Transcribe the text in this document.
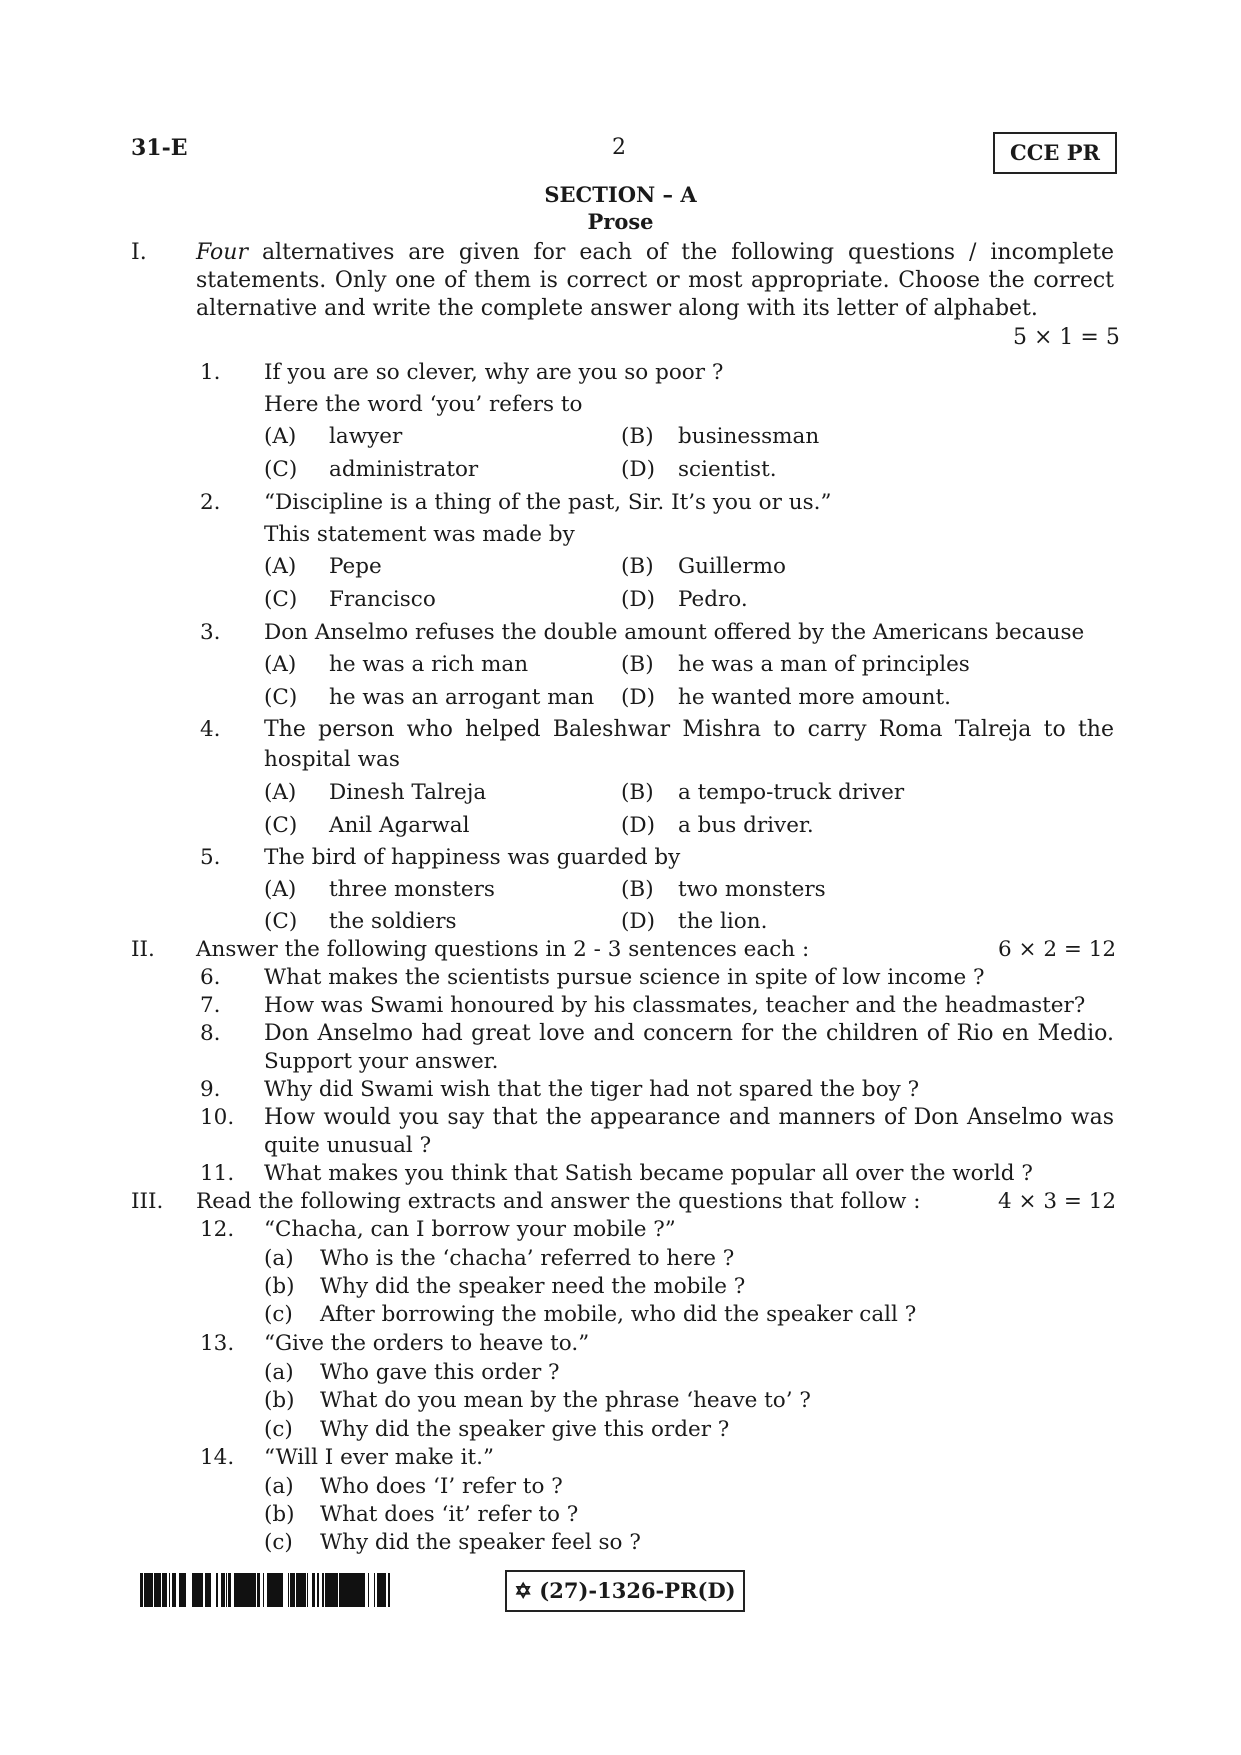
31-E	2	CCE PR
SECTION – A
Prose
I. Four alternatives are given for each of the following questions / incomplete
statements. Only one of them is correct or most appropriate. Choose the correct
alternative and write the complete answer along with its letter of alphabet.
5 × 1 = 5
1. If you are so clever, why are you so poor ?
Here the word ‘you’ refers to
(A) lawyer	(B) businessman
(C) administrator	(D) scientist.
2. “Discipline is a thing of the past, Sir. It’s you or us.”
This statement was made by
(A) Pepe	(B) Guillermo
(C) Francisco	(D) Pedro.
3. Don Anselmo refuses the double amount offered by the Americans because
(A) he was a rich man	(B) he was a man of principles
(C) he was an arrogant man (D) he wanted more amount.
4. The person who helped Baleshwar Mishra to carry Roma Talreja to the
hospital was
(A) Dinesh Talreja	(B) a tempo-truck driver
(C) Anil Agarwal	(D) a bus driver.
5. The bird of happiness was guarded by
(A) three monsters	(B) two monsters
(C) the soldiers	(D) the lion.
II. Answer the following questions in 2 - 3 sentences each :	6 × 2 = 12
6. What makes the scientists pursue science in spite of low income ?
7. How was Swami honoured by his classmates, teacher and the headmaster?
8. Don Anselmo had great love and concern for the children of Rio en Medio.
Support your answer.
9. Why did Swami wish that the tiger had not spared the boy ?
10. How would you say that the appearance and manners of Don Anselmo was
quite unusual ?
11. What makes you think that Satish became popular all over the world ?
III. Read the following extracts and answer the questions that follow :	4 × 3 = 12
12. “Chacha, can I borrow your mobile ?”
(a) Who is the ‘chacha’ referred to here ?
(b) Why did the speaker need the mobile ?
(c) After borrowing the mobile, who did the speaker call ?
13. “Give the orders to heave to.”
(a) Who gave this order ?
(b) What do you mean by the phrase ‘heave to’ ?
(c) Why did the speaker give this order ?
14. “Will I ever make it.”
(a) Who does ‘I’ refer to ?
(b) What does ‘it’ refer to ?
(c) Why did the speaker feel so ?
✡ (27)-1326-PR(D)
